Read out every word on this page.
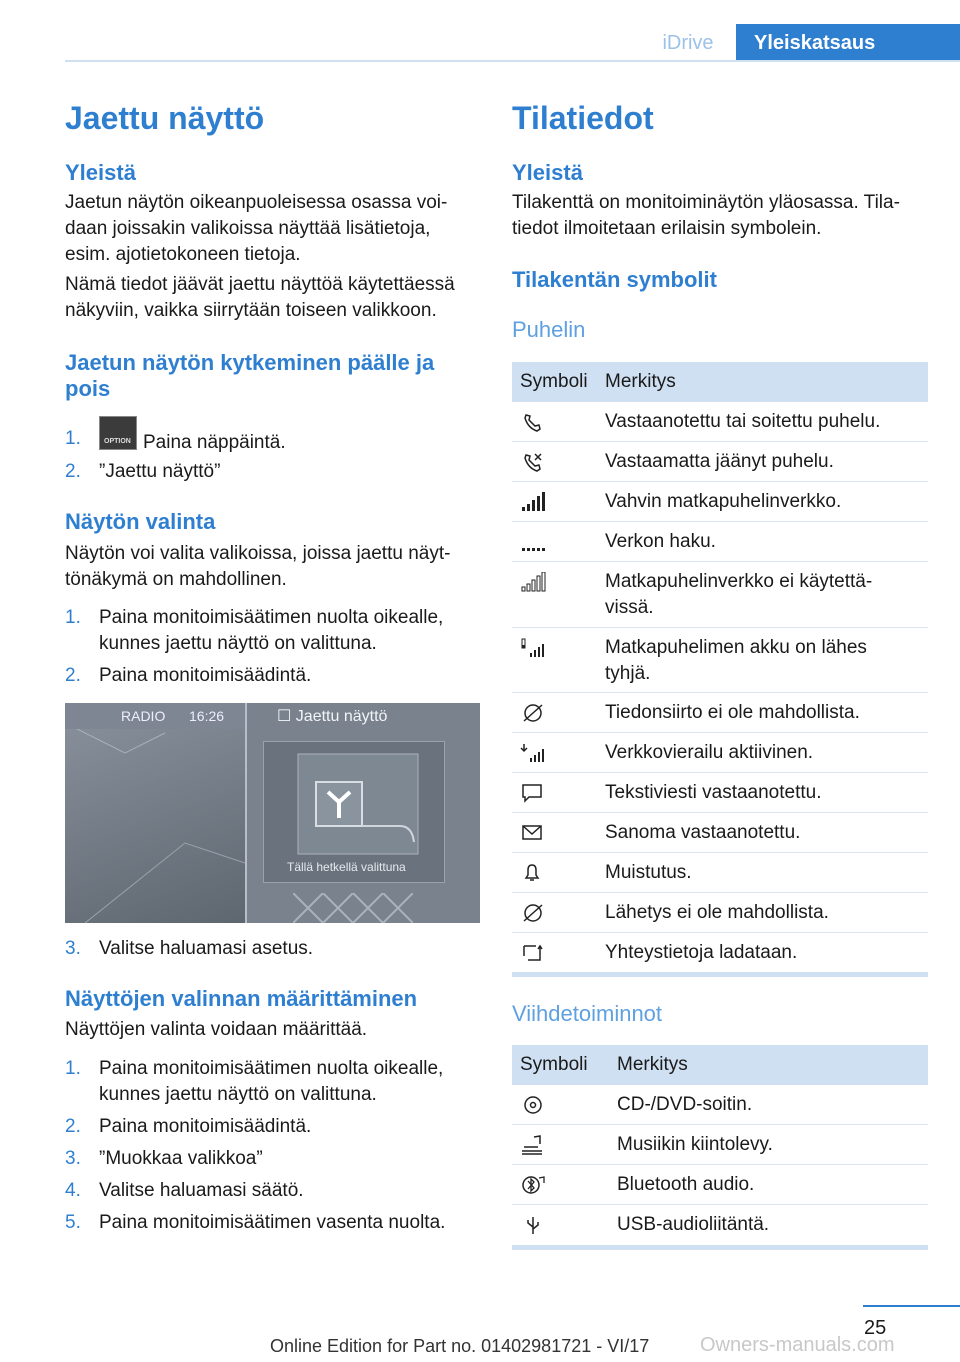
iDrive	Yleiskatsaus
Jaettu näyttö
Yleistä
Jaetun näytön oikeanpuoleisessa osassa voi-
daan joissakin valikoissa näyttää lisätietoja,
esim. ajotietokoneen tietoja.
Nämä tiedot jäävät jaettu näyttöä käytettäessä
näkyviin, vaikka siirrytään toiseen valikkoon.
Jaetun näytön kytkeminen päälle ja
pois
1.	OPTION Paina näppäintä.
2. ”Jaettu näyttö”
Näytön valinta
Näytön voi valita valikoissa, joissa jaettu näyt-
tönäkymä on mahdollinen.
1. Paina monitoimisäätimen nuolta oikealle,
kunnes jaettu näyttö on valittuna.
2. Paina monitoimisäädintä.
RADIO 16:26	☐ Jaettu näyttö
Tällä hetkellä valittuna
3. Valitse haluamasi asetus.
Näyttöjen valinnan määrittäminen
Näyttöjen valinta voidaan määrittää.
1. Paina monitoimisäätimen nuolta oikealle,
kunnes jaettu näyttö on valittuna.
2. Paina monitoimisäädintä.
3. ”Muokkaa valikkoa”
4. Valitse haluamasi säätö.
5. Paina monitoimisäätimen vasenta nuolta.
Tilatiedot
Yleistä
Tilakenttä on monitoiminäytön yläosassa. Tila-
tiedot ilmoitetaan erilaisin symbolein.
Tilakentän symbolit
Puhelin
Symboli Merkitys
Vastaanotettu tai soitettu puhelu.
Vastaamatta jäänyt puhelu.
Vahvin matkapuhelinverkko.
Verkon haku.
Matkapuhelinverkko ei käytettä-
vissä.
Matkapuhelimen akku on lähes
tyhjä.
Tiedonsiirto ei ole mahdollista.
Verkkovierailu aktiivinen.
Tekstiviesti vastaanotettu.
Sanoma vastaanotettu.
Muistutus.
Lähetys ei ole mahdollista.
Yhteystietoja ladataan.
Viihdetoiminnot
Symboli Merkitys
CD-/DVD-soitin.
Musiikin kiintolevy.
Bluetooth audio.
USB-audioliitäntä.
25
Owners-manuals.com
Online Edition for Part no. 01402981721 - VI/17
